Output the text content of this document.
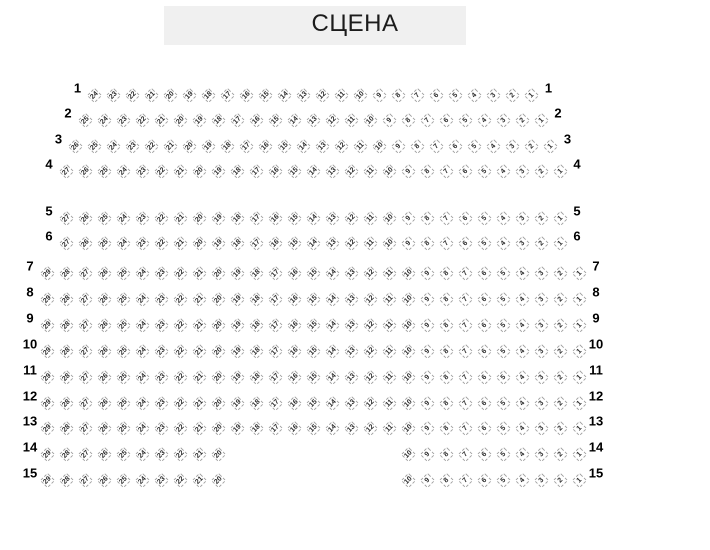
СЦЕНА
1	1
24	23	22	21	20	19	18	17	16	15	14	13	12	11	10	9	8	7	6	5	4	3	2	1
2	2
25	24	23	22	21	20	19	18	17	16	15	14	13	12	11	10	9	8	7	6	5	4	3	2	1
3	3
26	25	24	23	22	21	20	19	18	17	16	15	14	13	12	11	10	9	8	7	6	5	4	3	2	1
4	4
27	26	25	24	23	22	21	20	19	18	17	16	15	14	13	12	11	10	9	8	7	6	5	4	3	2	1
5	5
27	26	25	24	23	22	21	20	19	18	17	16	15	14	13	12	11	10	9	8	7	6	5	4	3	2	1
6	6
27	26	25	24	23	22	21	20	19	18	17	16	15	14	13	12	11	10	9	8	7	6	5	4	3	2	1
7	7
29	28	27	26	25	24	23	22	21	20	19	18	17	16	15	14	13	12	11	10	9	8	7	6	5	4	3	2	1
8	8
29	28	27	26	25	24	23	22	21	20	19	18	17	16	15	14	13	12	11	10	9	8	7	6	5	4	3	2	1
9	9
29	28	27	26	25	24	23	22	21	20	19	18	17	16	15	14	13	12	11	10	9	8	7	6	5	4	3	2	1
10	10
29	28	27	26	25	24	23	22	21	20	19	18	17	16	15	14	13	12	11	10	9	8	7	6	5	4	3	2	1
11	11
29	28	27	26	25	24	23	22	21	20	19	18	17	16	15	14	13	12	11	10	9	8	7	6	5	4	3	2	1
12	12
29	28	27	26	25	24	23	22	21	20	19	18	17	16	15	14	13	12	11	10	9	8	7	6	5	4	3	2	1
13	13
29	28	27	26	25	24	23	22	21	20	19	18	17	16	15	14	13	12	11	10	9	8	7	6	5	4	3	2	1
14	14
29	28	27	26	25	24	23	22	21	20	10	9	8	7	6	5	4	3	2	1
15	15
29	28	27	26	25	24	23	22	21	20	10	9	8	7	6	5	4	3	2	1
